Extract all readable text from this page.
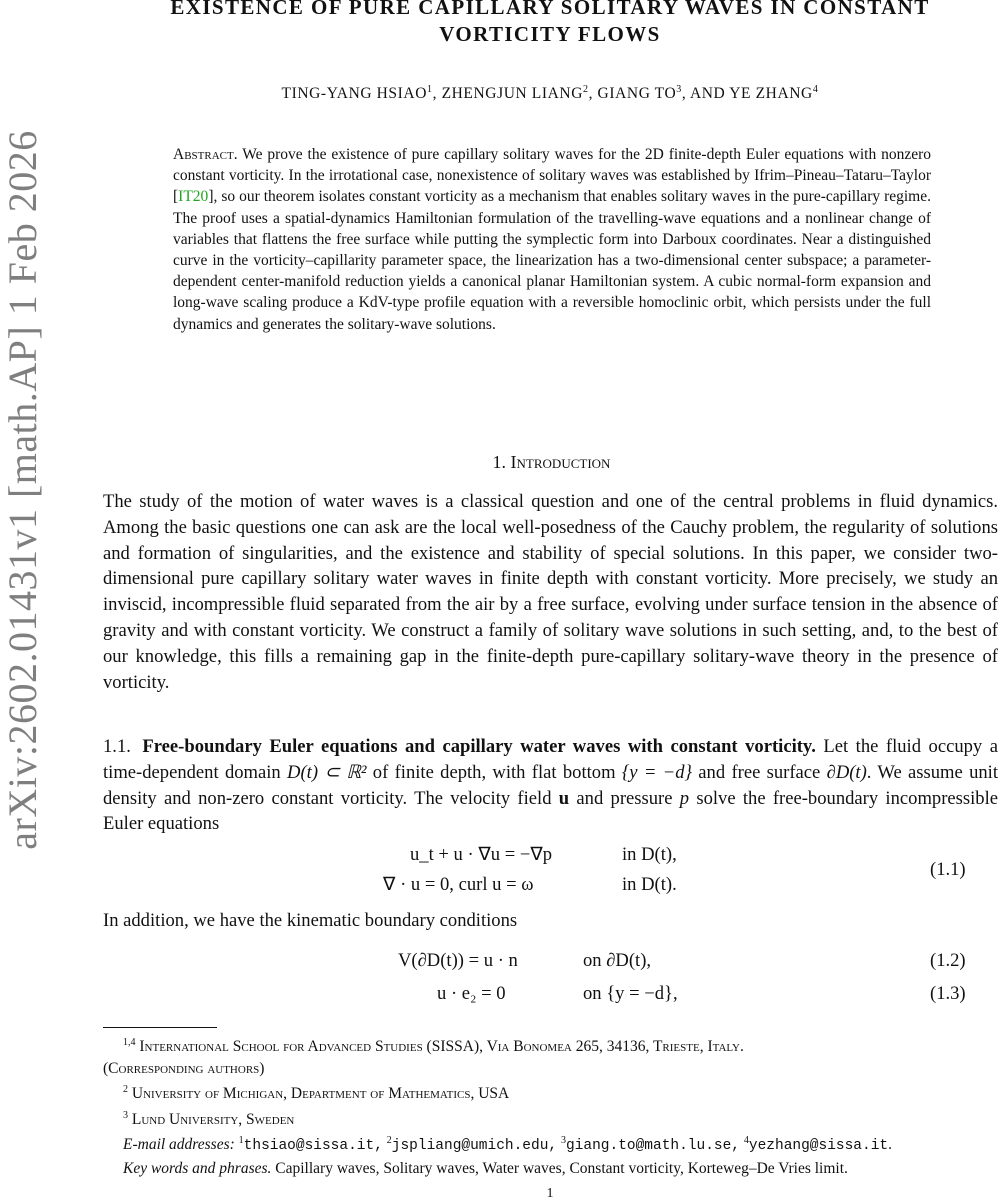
arXiv:2602.01431v1 [math.AP] 1 Feb 2026
EXISTENCE OF PURE CAPILLARY SOLITARY WAVES IN CONSTANT
VORTICITY FLOWS
TING-YANG HSIAO$^1$, ZHENGJUN LIANG$^2$, GIANG $TO^3$, AND YE ZHANG$^4$
Abstract. We prove the existence of pure capillary solitary waves for the 2D finite-depth Euler equations with nonzero constant vorticity. In the irrotational case, nonexistence of solitary waves was established by Ifrim–Pineau–Tataru–Taylor [IT20], so our theorem isolates constant vorticity as a mechanism that enables solitary waves in the pure-capillary regime. The proof uses a spatial-dynamics Hamiltonian formulation of the travelling-wave equations and a nonlinear change of variables that flattens the free surface while putting the symplectic form into Darboux coordinates. Near a distinguished curve in the vorticity–capillarity parameter space, the linearization has a two-dimensional center subspace; a parameter-dependent center-manifold reduction yields a canonical planar Hamiltonian system. A cubic normal-form expansion and long-wave scaling produce a KdV-type profile equation with a reversible homoclinic orbit, which persists under the full dynamics and generates the solitary-wave solutions.
1. Introduction
The study of the motion of water waves is a classical question and one of the central problems in fluid dynamics. Among the basic questions one can ask are the local well-posedness of the Cauchy problem, the regularity of solutions and formation of singularities, and the existence and stability of special solutions. In this paper, we consider two-dimensional pure capillary solitary water waves in finite depth with constant vorticity. More precisely, we study an inviscid, incompressible fluid separated from the air by a free surface, evolving under surface tension in the absence of gravity and with constant vorticity. We construct a family of solitary wave solutions in such setting, and, to the best of our knowledge, this fills a remaining gap in the finite-depth pure-capillary solitary-wave theory in the presence of vorticity.
1.1. Free-boundary Euler equations and capillary water waves with constant vorticity. Let the fluid occupy a time-dependent domain D(t) ⊂ ℝ² of finite depth, with flat bottom {y = −d} and free surface ∂D(t). We assume unit density and non-zero constant vorticity. The velocity field u and pressure p solve the free-boundary incompressible Euler equations
u_t + u · ∇u = −∇p	in D(t),
∇ · u = 0, curl u = ω	in D(t).
(1.1)
In addition, we have the kinematic boundary conditions
V(∂D(t)) = u · n	on ∂D(t),	(1.2)
u · e₂ = 0	on {y = −d},	(1.3)
$^{1,4}$ International School for Advanced Studies (SISSA), Via Bonomea 265, 34136, Trieste, Italy.
(Corresponding authors)
$^2$ University of Michigan, Department of Mathematics, USA
$^3$ Lund University, Sweden
E-mail addresses: $^1$thsiao@sissa.it, $^2$jspliang@umich.edu, $^3$giang.to@math.lu.se, $^4$yezhang@sissa.it.
Key words and phrases. Capillary waves, Solitary waves, Water waves, Constant vorticity, Korteweg–De Vries limit.
1
